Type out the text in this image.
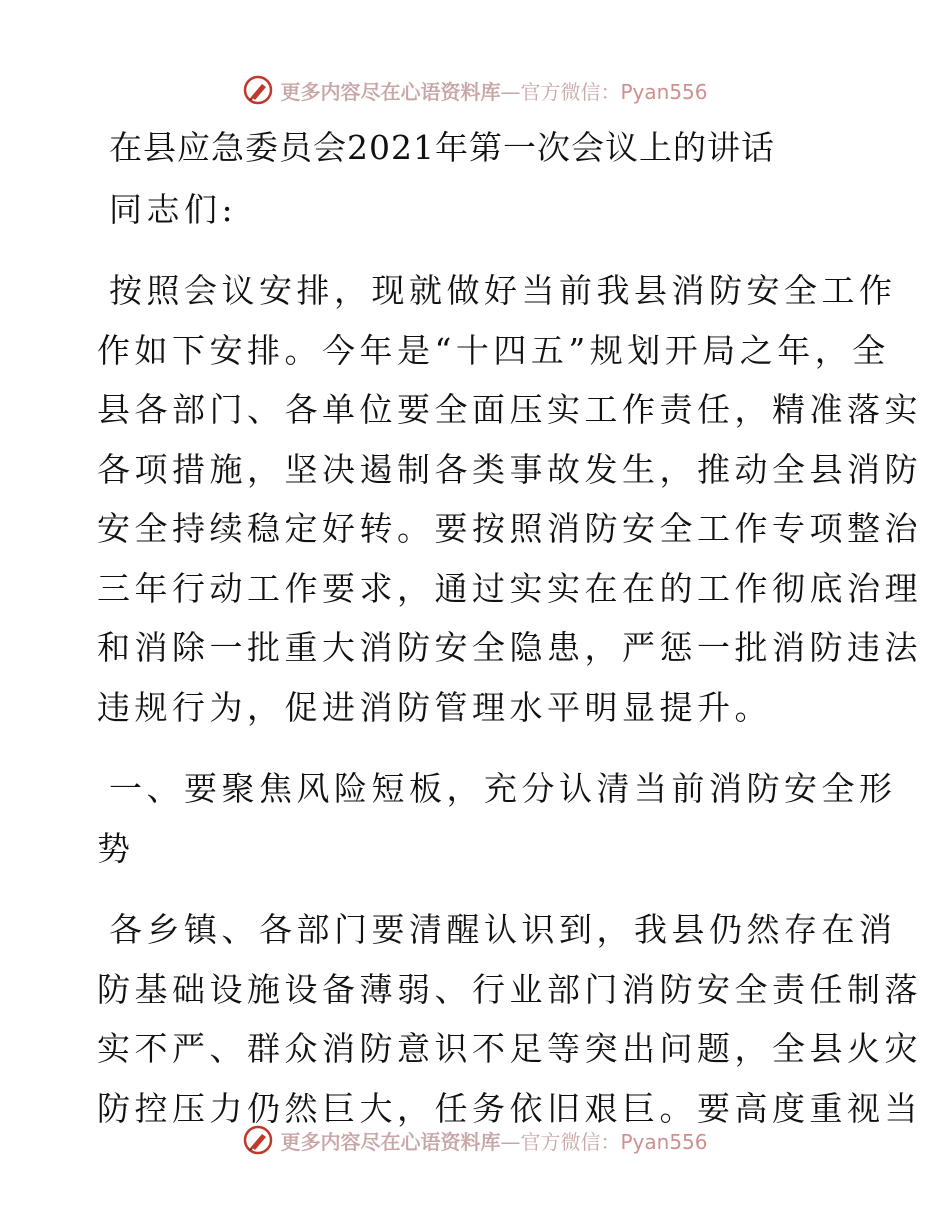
更多内容尽在心语资料库—官方微信：Pyan556
在县应急委员会2021年第一次会议上的讲话
同志们:
按照会议安排，现就做好当前我县消防安全工作
作如下安排。今年是“十四五”规划开局之年，全
县各部门、各单位要全面压实工作责任，精准落实
各项措施，坚决遏制各类事故发生，推动全县消防
安全持续稳定好转。要按照消防安全工作专项整治
三年行动工作要求，通过实实在在的工作彻底治理
和消除一批重大消防安全隐患，严惩一批消防违法
违规行为，促进消防管理水平明显提升。
一、要聚焦风险短板，充分认清当前消防安全形
势
各乡镇、各部门要清醒认识到，我县仍然存在消
防基础设施设备薄弱、行业部门消防安全责任制落
实不严、群众消防意识不足等突出问题，全县火灾
防控压力仍然巨大，任务依旧艰巨。要高度重视当
更多内容尽在心语资料库—官方微信：Pyan556
